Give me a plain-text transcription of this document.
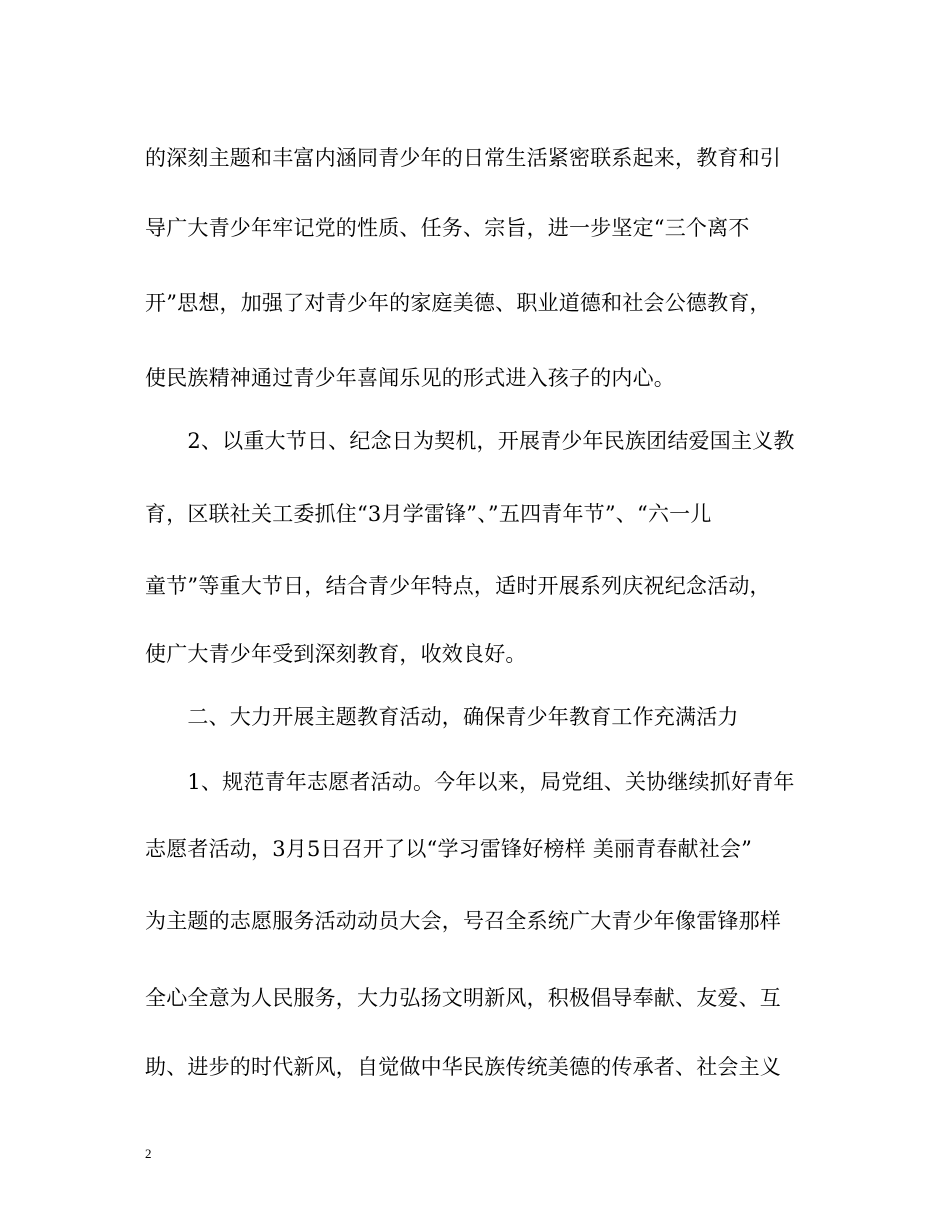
的深刻主题和丰富内涵同青少年的日常生活紧密联系起来，教育和引
导广大青少年牢记党的性质、任务、宗旨，进一步坚定“三个离不
开”思想，加强了对青少年的家庭美德、职业道德和社会公德教育，
使民族精神通过青少年喜闻乐见的形式进入孩子的内心。
　　2、以重大节日、纪念日为契机，开展青少年民族团结爱国主义教
育，区联社关工委抓住“3月学雷锋”、”五四青年节”、“六一儿
童节”等重大节日，结合青少年特点，适时开展系列庆祝纪念活动，
使广大青少年受到深刻教育，收效良好。
　　二、大力开展主题教育活动，确保青少年教育工作充满活力
　　1、规范青年志愿者活动。今年以来，局党组、关协继续抓好青年
志愿者活动，3月5日召开了以“学习雷锋好榜样 美丽青春献社会”
为主题的志愿服务活动动员大会，号召全系统广大青少年像雷锋那样
全心全意为人民服务，大力弘扬文明新风，积极倡导奉献、友爱、互
助、进步的时代新风，自觉做中华民族传统美德的传承者、社会主义
2
